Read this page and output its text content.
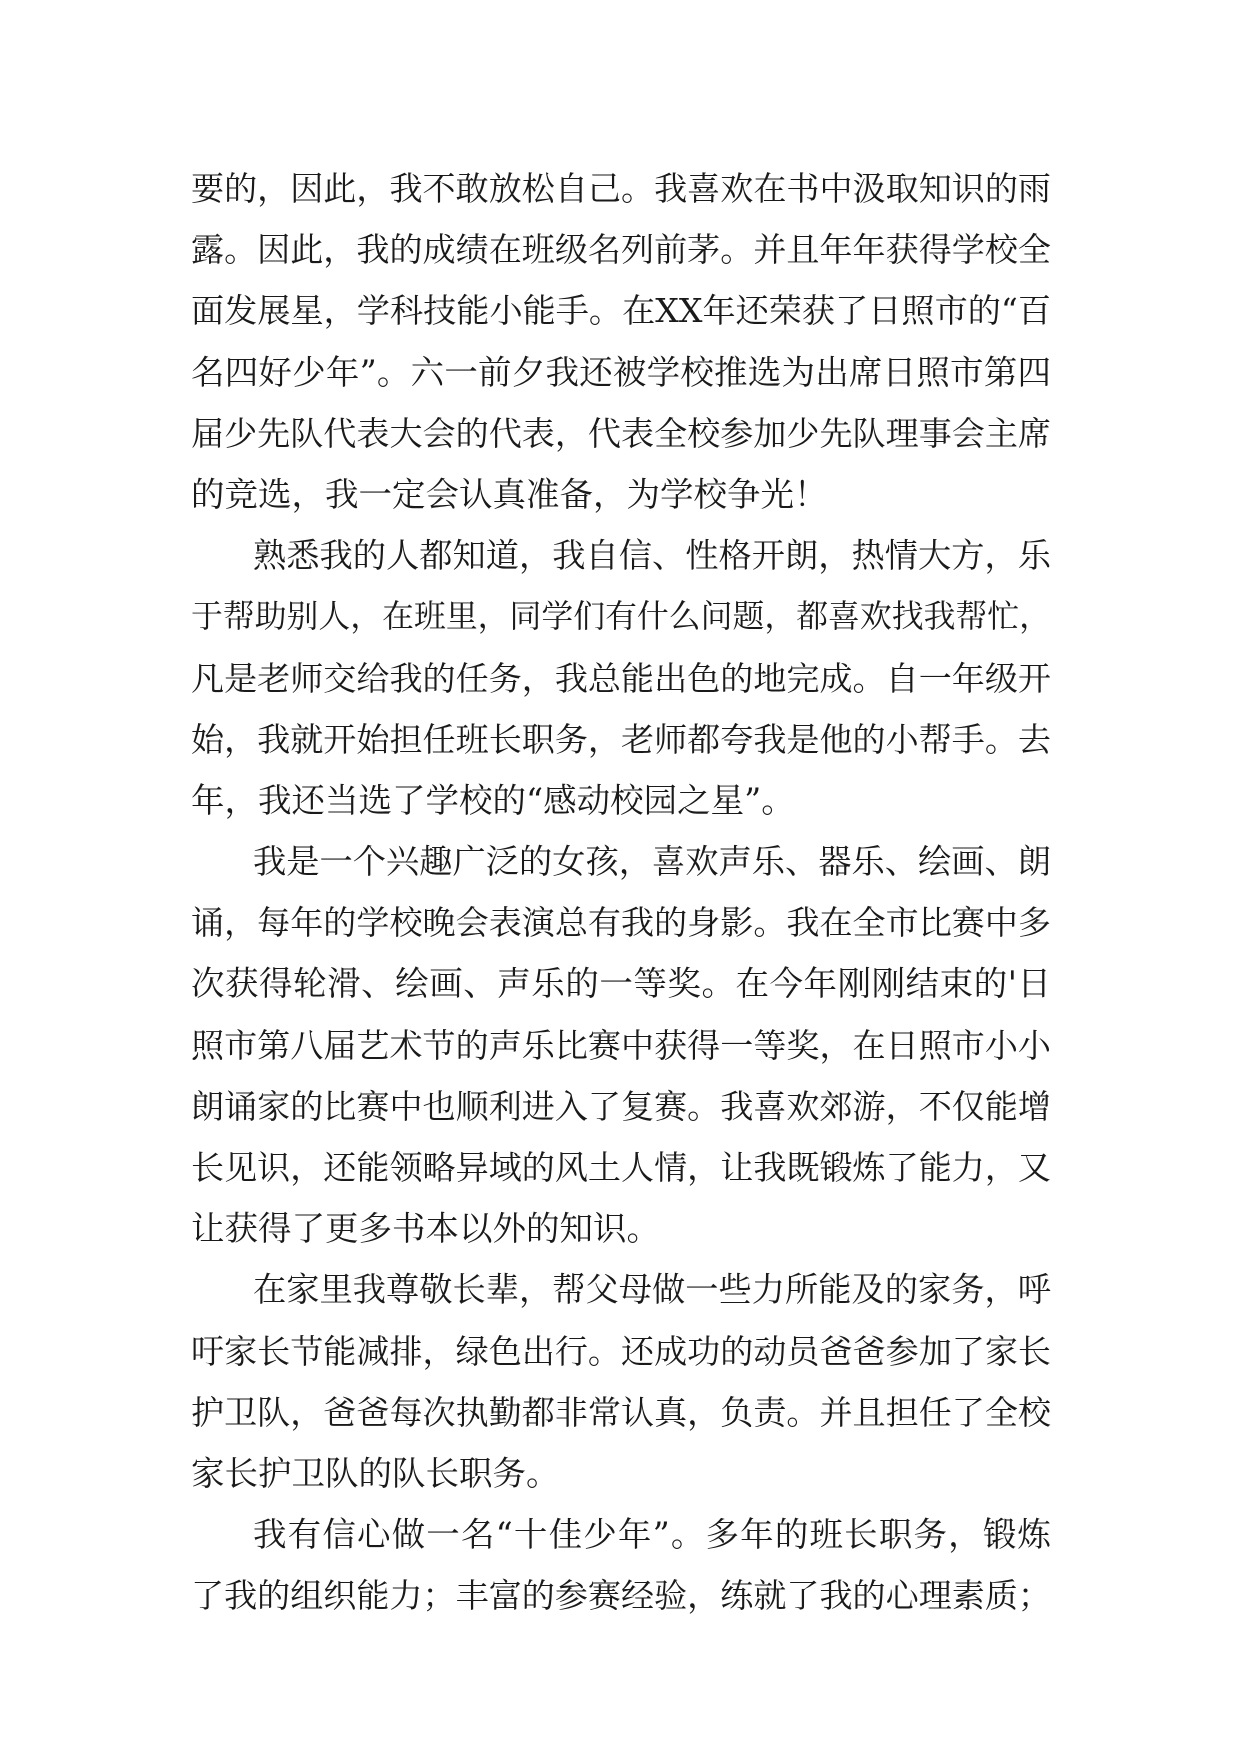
要的，因此，我不敢放松自己。我喜欢在书中汲取知识的雨
露。因此，我的成绩在班级名列前茅。并且年年获得学校全
面发展星，学科技能小能手。在XX年还荣获了日照市的“百
名四好少年”。六一前夕我还被学校推选为出席日照市第四
届少先队代表大会的代表，代表全校参加少先队理事会主席
的竞选，我一定会认真准备，为学校争光！
熟悉我的人都知道，我自信、性格开朗，热情大方，乐
于帮助别人，在班里，同学们有什么问题，都喜欢找我帮忙，
凡是老师交给我的任务，我总能出色的地完成。自一年级开
始，我就开始担任班长职务，老师都夸我是他的小帮手。去
年，我还当选了学校的“感动校园之星”。
我是一个兴趣广泛的女孩，喜欢声乐、器乐、绘画、朗
诵，每年的学校晚会表演总有我的身影。我在全市比赛中多
次获得轮滑、绘画、声乐的一等奖。在今年刚刚结束的'日
照市第八届艺术节的声乐比赛中获得一等奖，在日照市小小
朗诵家的比赛中也顺利进入了复赛。我喜欢郊游，不仅能增
长见识，还能领略异域的风土人情，让我既锻炼了能力，又
让获得了更多书本以外的知识。
在家里我尊敬长辈，帮父母做一些力所能及的家务，呼
吁家长节能减排，绿色出行。还成功的动员爸爸参加了家长
护卫队，爸爸每次执勤都非常认真，负责。并且担任了全校
家长护卫队的队长职务。
我有信心做一名“十佳少年”。多年的班长职务，锻炼
了我的组织能力；丰富的参赛经验，练就了我的心理素质；
